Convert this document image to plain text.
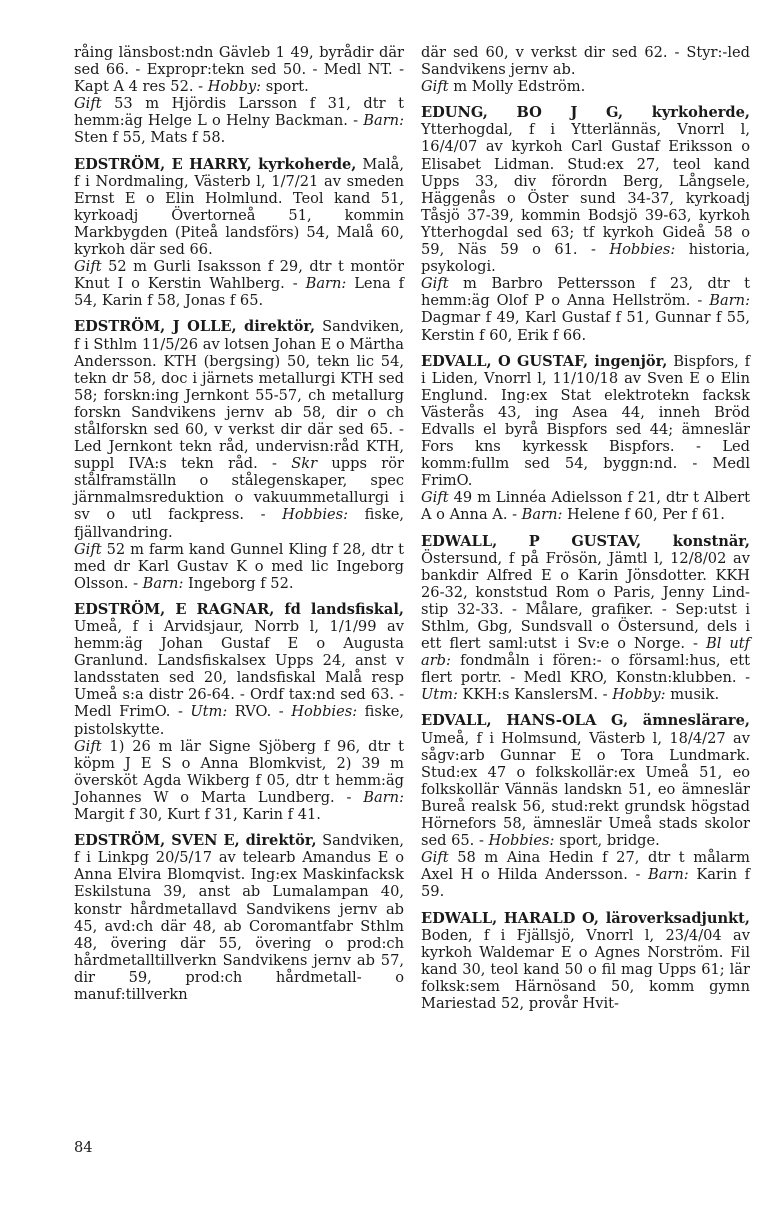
råing länsbost:ndn Gävleb 1 49, byrådir där sed 66. - Expropr:tekn sed 50. - Medl NT. - Kapt A 4 res 52. - Hobby: sport.

Gift 53 m Hjördis Larsson f 31, dtr t hemm:äg Helge L o Helny Backman. - Barn: Sten f 55, Mats f 58.

EDSTRÖM, E HARRY, kyrkoherde, Malå, f i Nordmaling, Västerb l, 1/7/21 av smeden Ernst E o Elin Holmlund. Teol kand 51, kyrkoadj Övertorneå 51, kommin Markbygden (Piteå landsförs) 54, Malå 60, kyrkoh där sed 66.

Gift 52 m Gurli Isaksson f 29, dtr t montör Knut I o Kerstin Wahlberg. - Barn: Lena f 54, Karin f 58, Jonas f 65.

EDSTRÖM, J OLLE, direktör, Sandviken, f i Sthlm 11/5/26 av lotsen Johan E o Märtha Andersson. KTH (bergsing) 50, tekn lic 54, tekn dr 58, doc i järnets metallurgi KTH sed 58; forskn:ing Jernkont 55-57, ch metallurg forskn Sandvikens jernv ab 58, dir o ch stålforskn sed 60, v verkst dir där sed 65. - Led Jernkont tekn råd, undervisn:råd KTH, suppl IVA:s tekn råd. - Skr upps rör stålframställn o stålegenskaper, spec järnmalmsreduktion o vakuummetallurgi i sv o utl fackpress. - Hobbies: fiske, fjällvandring.

Gift 52 m farm kand Gunnel Kling f 28, dtr t med dr Karl Gustav K o med lic Ingeborg Olsson. - Barn: Ingeborg f 52.

EDSTRÖM, E RAGNAR, fd landsfiskal, Umeå, f i Arvidsjaur, Norrb l, 1/1/99 av hemm:äg Johan Gustaf E o Augusta Granlund. Landsfiskalsex Upps 24, anst v landsstaten sed 20, landsfiskal Malå resp Umeå s:a distr 26-64. - Ordf tax:nd sed 63. - Medl FrimO. - Utm: RVO. - Hobbies: fiske, pistolskytte.

Gift 1) 26 m lär Signe Sjöberg f 96, dtr t köpm J E S o Anna Blomkvist, 2) 39 m översköt Agda Wikberg f 05, dtr t hemm:äg Johannes W o Marta Lundberg. - Barn: Margit f 30, Kurt f 31, Karin f 41.

EDSTRÖM, SVEN E, direktör, Sandviken, f i Linkpg 20/5/17 av telearb Amandus E o Anna Elvira Blomqvist. Ing:ex Maskinfacksk Eskilstuna 39, anst ab Lumalampan 40, konstr hårdmetallavd Sandvikens jernv ab 45, avd:ch där 48, ab Coromantfabr Sthlm 48, övering där 55, övering o prod:ch hårdmetalltillverkn Sandvikens jernv ab 57, dir 59, prod:ch hårdmetall- o manuf:tillverkn

där sed 60, v verkst dir sed 62. - Styr:-led Sandvikens jernv ab.

Gift m Molly Edström.

EDUNG, BO J G, kyrkoherde, Ytterhogdal, f i Ytterlännäs, Vnorrl l, 16/4/07 av kyrkoh Carl Gustaf Eriksson o Elisabet Lidman. Stud:ex 27, teol kand Upps 33, div förordn Berg, Långsele, Häggenås o Öster sund 34-37, kyrkoadj Tåsjö 37-39, kommin Bodsjö 39-63, kyrkoh Ytterhogdal sed 63; tf kyrkoh Gideå 58 o 59, Näs 59 o 61. - Hobbies: historia, psykologi.

Gift m Barbro Pettersson f 23, dtr t hemm:äg Olof P o Anna Hellström. - Barn: Dagmar f 49, Karl Gustaf f 51, Gunnar f 55, Kerstin f 60, Erik f 66.

EDVALL, O GUSTAF, ingenjör, Bispfors, f i Liden, Vnorrl l, 11/10/18 av Sven E o Elin Englund. Ing:ex Stat elektrotekn facksk Västerås 43, ing Asea 44, inneh Bröd Edvalls el byrå Bispfors sed 44; ämneslär Fors kns kyrkessk Bispfors. - Led komm:fullm sed 54, byggn:nd. - Medl FrimO.

Gift 49 m Linnéa Adielsson f 21, dtr t Albert A o Anna A. - Barn: Helene f 60, Per f 61.

EDWALL, P GUSTAV, konstnär, Östersund, f på Frösön, Jämtl l, 12/8/02 av bankdir Alfred E o Karin Jönsdotter. KKH 26-32, konststud Rom o Paris, Jenny Lind-stip 32-33. - Målare, grafiker. - Sep:utst i Sthlm, Gbg, Sundsvall o Östersund, dels i ett flert saml:utst i Sv:e o Norge. - Bl utf arb: fondmåln i fören:- o församl:hus, ett flert portr. - Medl KRO, Konstn:klubben. - Utm: KKH:s KanslersM. - Hobby: musik.

EDVALL, HANS-OLA G, ämneslärare, Umeå, f i Holmsund, Västerb l, 18/4/27 av sågv:arb Gunnar E o Tora Lundmark. Stud:ex 47 o folkskollär:ex Umeå 51, eo folkskollär Vännäs landskn 51, eo ämneslär Bureå realsk 56, stud:rekt grundsk högstad Hörnefors 58, ämneslär Umeå stads skolor sed 65. - Hobbies: sport, bridge.

Gift 58 m Aina Hedin f 27, dtr t målarm Axel H o Hilda Andersson. - Barn: Karin f 59.

EDWALL, HARALD O, läroverksadjunkt, Boden, f i Fjällsjö, Vnorrl l, 23/4/04 av kyrkoh Waldemar E o Agnes Norström. Fil kand 30, teol kand 50 o fil mag Upps 61; lär folksk:sem Härnösand 50, komm gymn Mariestad 52, provår Hvit-

84
